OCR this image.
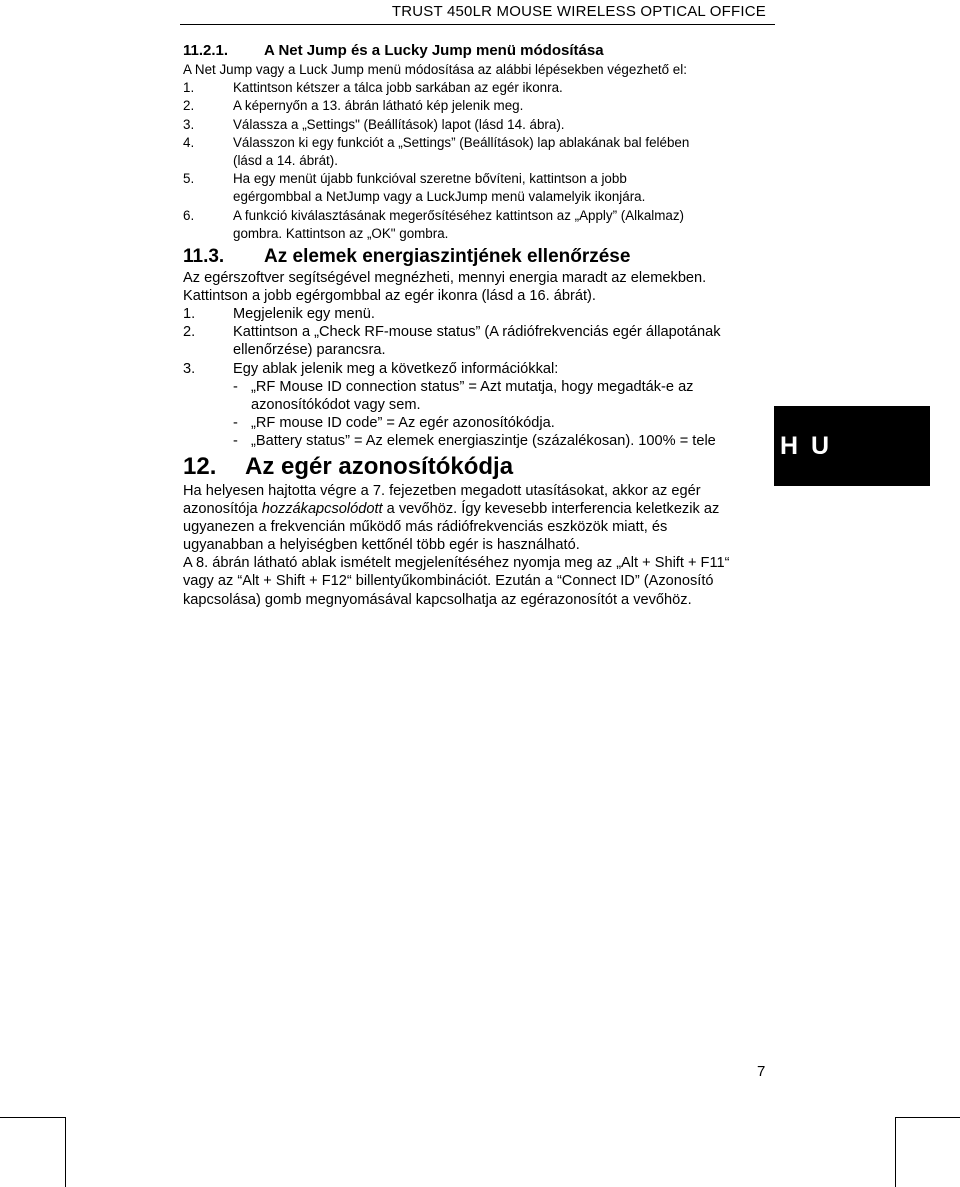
TRUST 450LR MOUSE WIRELESS OPTICAL OFFICE
11.2.1. A Net Jump és a Lucky Jump menü módosítása
A Net Jump vagy a Luck Jump menü módosítása az alábbi lépésekben végezhető el:
1.	Kattintson kétszer a tálca jobb sarkában az egér ikonra.
2.	A képernyőn a 13. ábrán látható kép jelenik meg.
3.	Válassza a „Settings" (Beállítások) lapot (lásd 14. ábra).
4.	Válasszon ki egy funkciót a „Settings” (Beállítások) lap ablakának bal felében
(lásd a 14. ábrát).
5.	Ha egy menüt újabb funkcióval szeretne bővíteni, kattintson a jobb
egérgombbal a NetJump vagy a LuckJump menü valamelyik ikonjára.
6.	A funkció kiválasztásának megerősítéséhez kattintson az „Apply” (Alkalmaz)
gombra. Kattintson az „OK" gombra.
11.3. Az elemek energiaszintjének ellenőrzése
Az egérszoftver segítségével megnézheti, mennyi energia maradt az elemekben.
Kattintson a jobb egérgombbal az egér ikonra (lásd a 16. ábrát).
1.	Megjelenik egy menü.
2.	Kattintson a „Check RF-mouse status” (A rádiófrekvenciás egér állapotának
ellenőrzése) parancsra.
3.	Egy ablak jelenik meg a következő információkkal:
- „RF Mouse ID connection status” = Azt mutatja, hogy megadták-e az
azonosítókódot vagy sem.
- „RF mouse ID code” = Az egér azonosítókódja.
- „Battery status” = Az elemek energiaszintje (százalékosan). 100% = tele
12. Az egér azonosítókódja
Ha helyesen hajtotta végre a 7. fejezetben megadott utasításokat, akkor az egér
azonosítója hozzákapcsolódott a vevőhöz. Így kevesebb interferencia keletkezik az
ugyanezen a frekvencián működő más rádiófrekvenciás eszközök miatt, és
ugyanabban a helyiségben kettőnél több egér is használható.
A 8. ábrán látható ablak ismételt megjelenítéséhez nyomja meg az „Alt + Shift + F11“
vagy az “Alt + Shift + F12“ billentyűkombinációt. Ezután a “Connect ID” (Azonosító
kapcsolása) gomb megnyomásával kapcsolhatja az egérazonosítót a vevőhöz.
H U
7
